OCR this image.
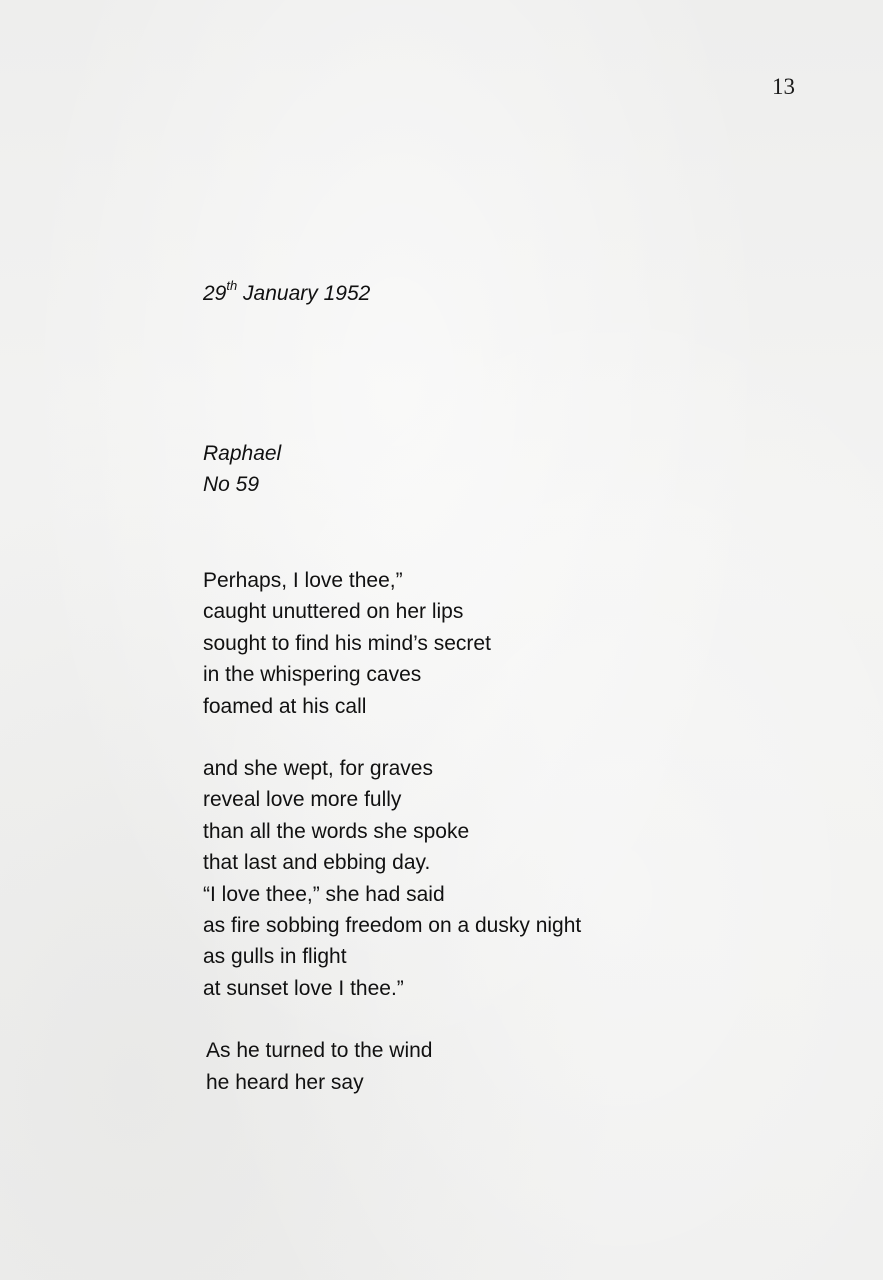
13
29th January 1952
Raphael
No 59
Perhaps, I love thee,”
caught unuttered on her lips
sought to find his mind’s secret
in the whispering caves
foamed at his call
and she wept, for graves
reveal love more fully
than all the words she spoke
that last and ebbing day.
“I love thee,” she had said
as fire sobbing freedom on a dusky night
as gulls in flight
at sunset love I thee.”
As he turned to the wind
he heard her say
